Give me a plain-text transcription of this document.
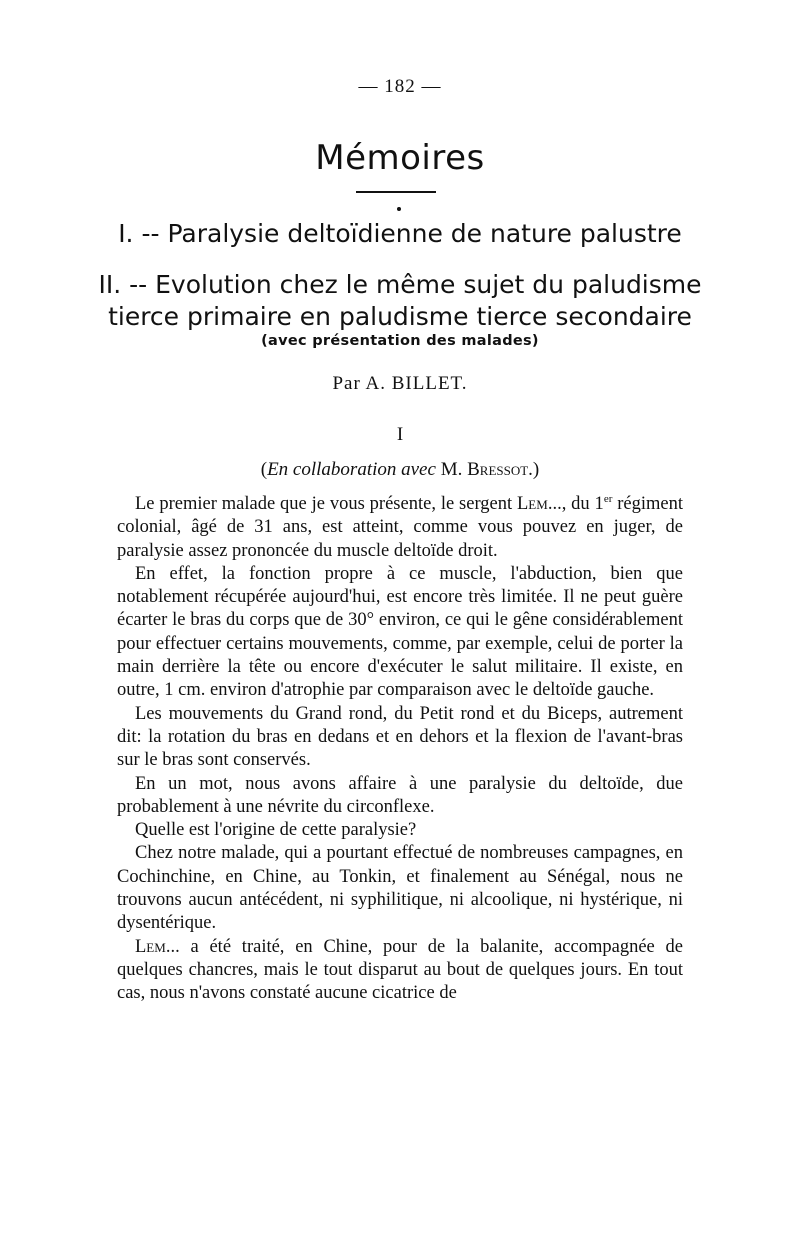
— 182 —
Mémoires
I. -- Paralysie deltoïdienne de nature palustre
II. -- Evolution chez le même sujet du paludisme
tierce primaire en paludisme tierce secondaire
(avec présentation des malades)
Par A. BILLET.
I
(En collaboration avec M. Bressot.)

Le premier malade que je vous présente, le sergent Lem..., du 1er régiment colonial, âgé de 31 ans, est atteint, comme vous pouvez en juger, de paralysie assez prononcée du muscle deltoïde droit.

En effet, la fonction propre à ce muscle, l'abduction, bien que notablement récupérée aujourd'hui, est encore très limitée. Il ne peut guère écarter le bras du corps que de 30° environ, ce qui le gêne considérablement pour effectuer certains mouvements, comme, par exemple, celui de porter la main derrière la tête ou encore d'exécuter le salut militaire. Il existe, en outre, 1 cm. environ d'atrophie par comparaison avec le deltoïde gauche.

Les mouvements du Grand rond, du Petit rond et du Biceps, autrement dit: la rotation du bras en dedans et en dehors et la flexion de l'avant-bras sur le bras sont conservés.

En un mot, nous avons affaire à une paralysie du deltoïde, due probablement à une névrite du circonflexe.

Quelle est l'origine de cette paralysie?

Chez notre malade, qui a pourtant effectué de nombreuses campagnes, en Cochinchine, en Chine, au Tonkin, et finalement au Sénégal, nous ne trouvons aucun antécédent, ni syphilitique, ni alcoolique, ni hystérique, ni dysentérique.

Lem... a été traité, en Chine, pour de la balanite, accompagnée de quelques chancres, mais le tout disparut au bout de quelques jours. En tout cas, nous n'avons constaté aucune cicatrice de
